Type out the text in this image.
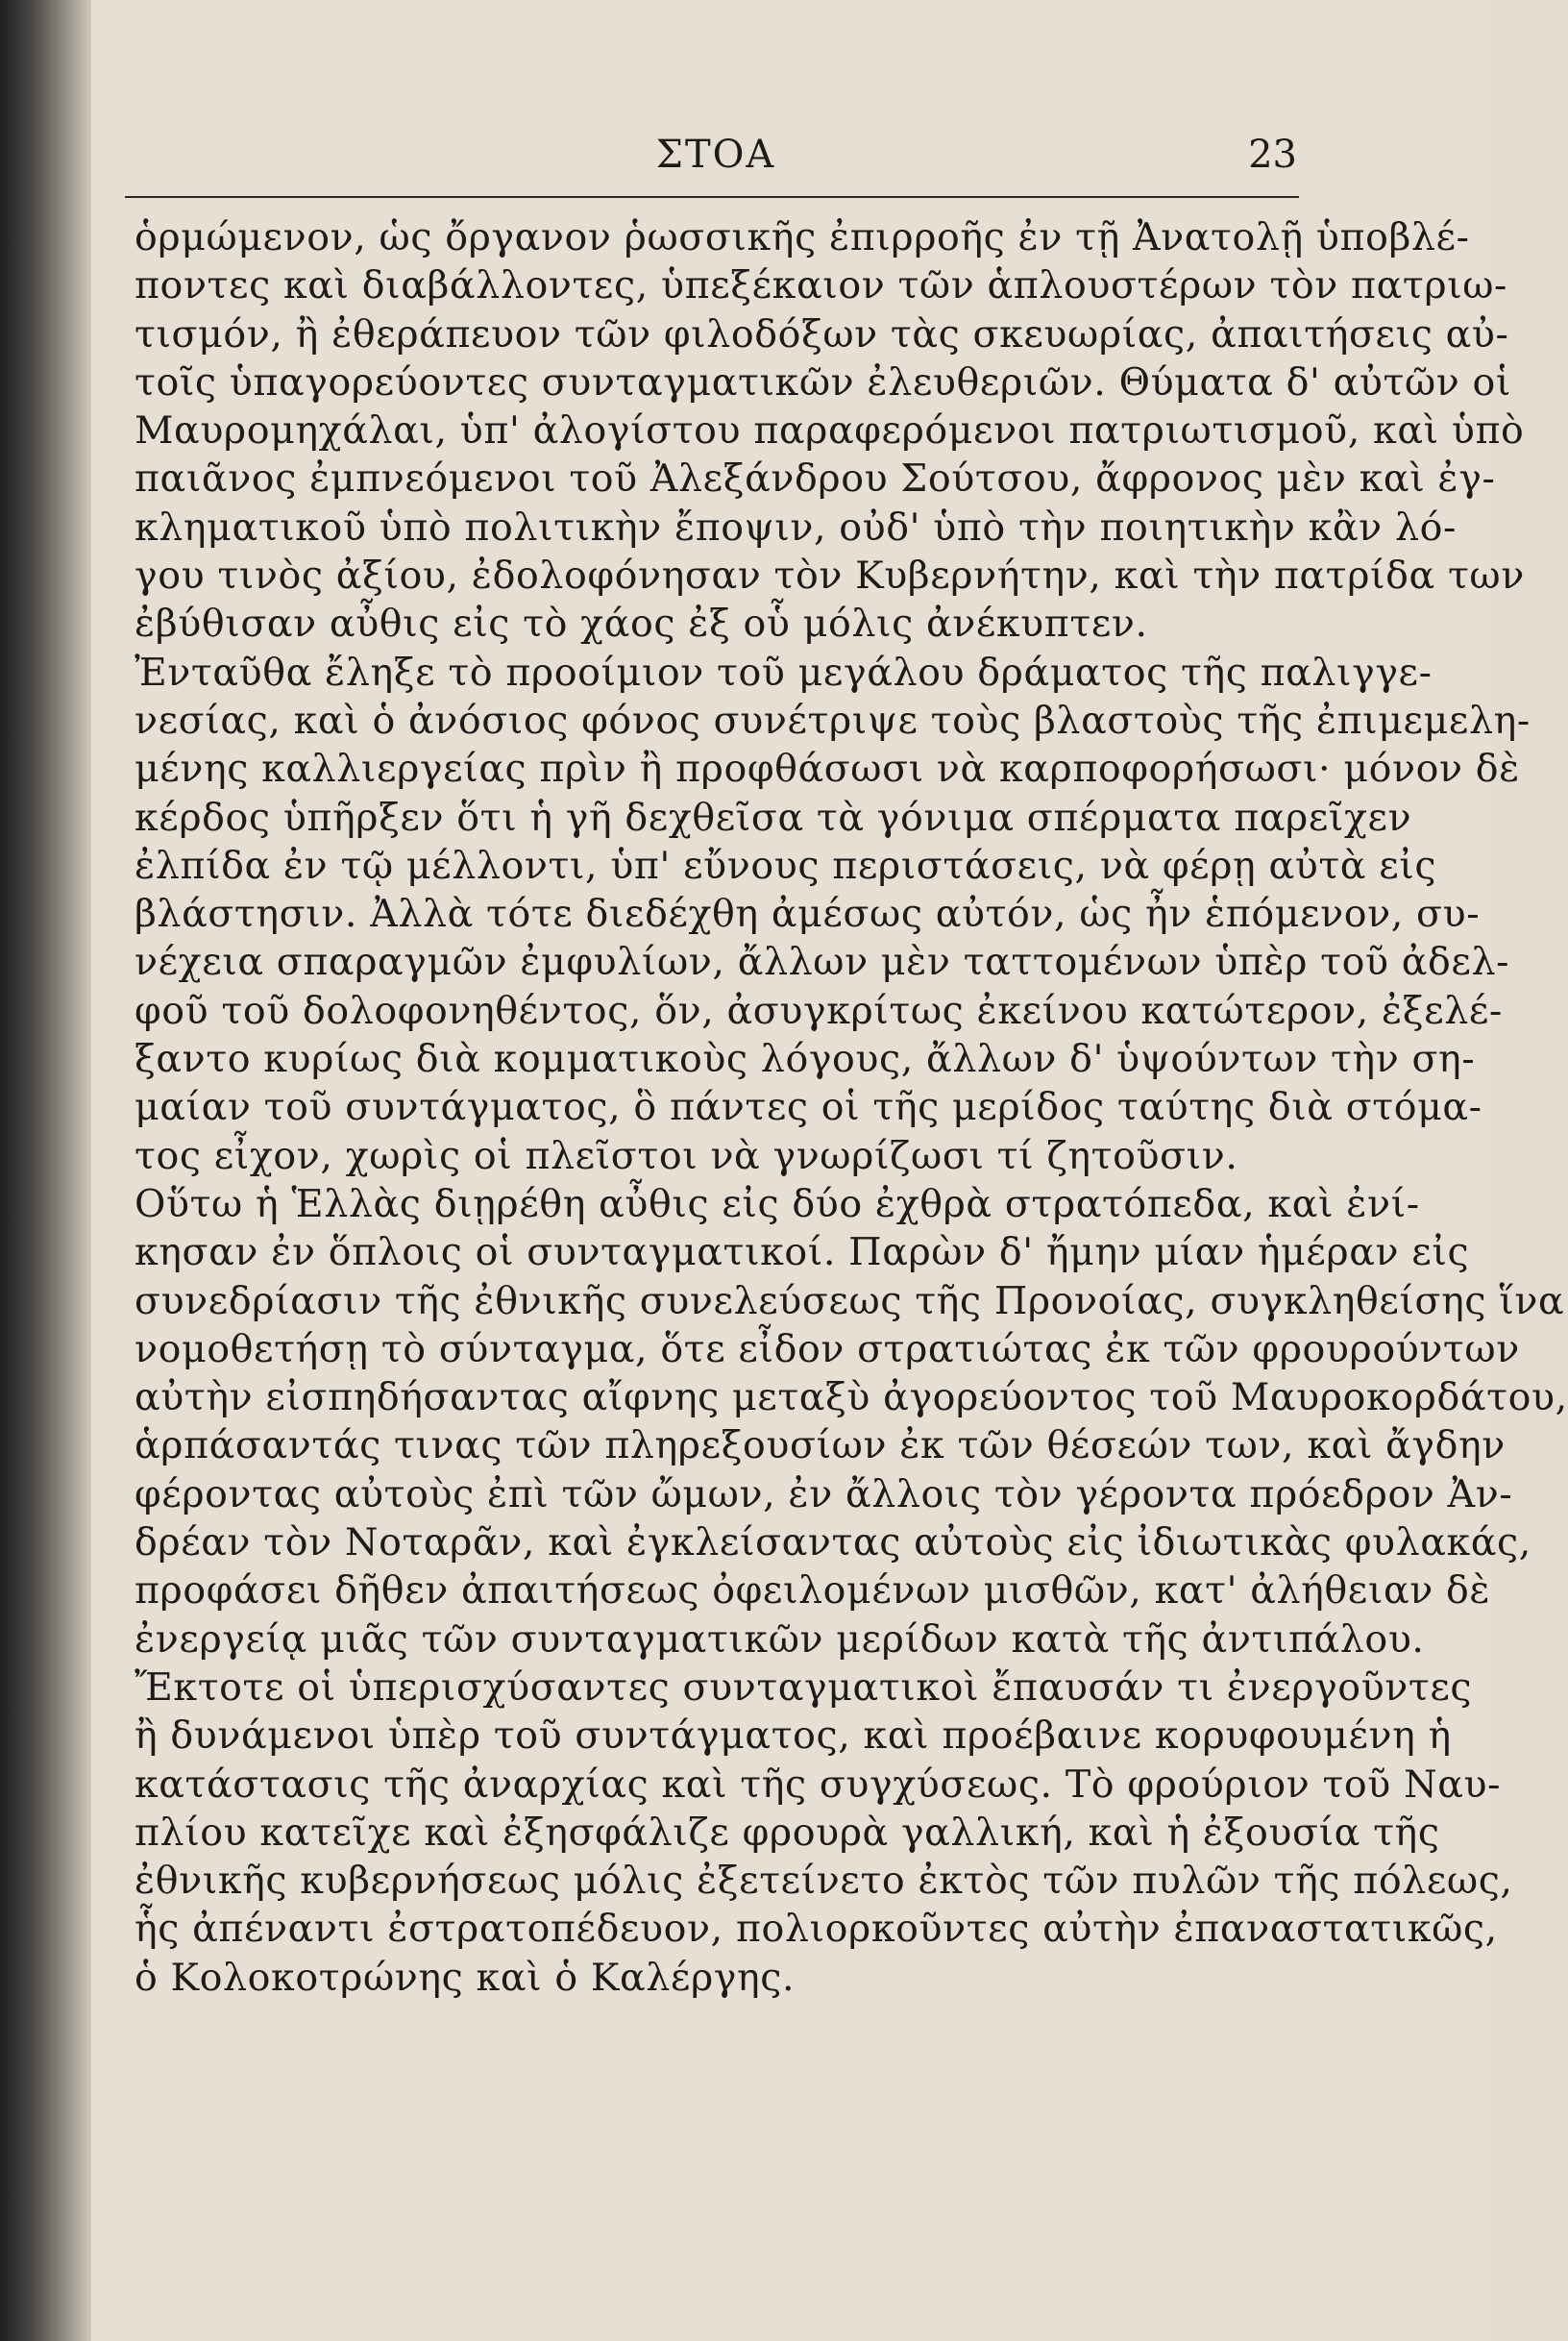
ΣΤΟΑ	23
ὁρμώμενον, ὡς ὄργανον ῥωσσικῆς ἐπιρροῆς ἐν τῇ Ἀνατολῇ ὑποβλέ-
ποντες καὶ διαβάλλοντες, ὑπεξέκαιον τῶν ἁπλουστέρων τὸν πατριω-
τισμόν, ἢ ἐθεράπευον τῶν φιλοδόξων τὰς σκευωρίας, ἀπαιτήσεις αὐ-
τοῖς ὑπαγορεύοντες συνταγματικῶν ἐλευθεριῶν. Θύματα δ' αὐτῶν οἱ
Μαυρομηχάλαι, ὑπ' ἀλογίστου παραφερόμενοι πατριωτισμοῦ, καὶ ὑπὸ
παιᾶνος ἐμπνεόμενοι τοῦ Ἀλεξάνδρου Σούτσου, ἄφρονος μὲν καὶ ἐγ-
κληματικοῦ ὑπὸ πολιτικὴν ἔποψιν, οὐδ' ὑπὸ τὴν ποιητικὴν κἂν λό-
γου τινὸς ἀξίου, ἐδολοφόνησαν τὸν Κυβερνήτην, καὶ τὴν πατρίδα των
ἐβύθισαν αὖθις εἰς τὸ χάος ἐξ οὗ μόλις ἀνέκυπτεν.
Ἐνταῦθα ἔληξε τὸ προοίμιον τοῦ μεγάλου δράματος τῆς παλιγγε-
νεσίας, καὶ ὁ ἀνόσιος φόνος συνέτριψε τοὺς βλαστοὺς τῆς ἐπιμεμελη-
μένης καλλιεργείας πρὶν ἢ προφθάσωσι νὰ καρποφορήσωσι· μόνον δὲ
κέρδος ὑπῆρξεν ὅτι ἡ γῆ δεχθεῖσα τὰ γόνιμα σπέρματα παρεῖχεν
ἐλπίδα ἐν τῷ μέλλοντι, ὑπ' εὔνους περιστάσεις, νὰ φέρῃ αὐτὰ εἰς
βλάστησιν. Ἀλλὰ τότε διεδέχθη ἀμέσως αὐτόν, ὡς ἦν ἑπόμενον, συ-
νέχεια σπαραγμῶν ἐμφυλίων, ἄλλων μὲν ταττομένων ὑπὲρ τοῦ ἀδελ-
φοῦ τοῦ δολοφονηθέντος, ὅν, ἀσυγκρίτως ἐκείνου κατώτερον, ἐξελέ-
ξαντο κυρίως διὰ κομματικοὺς λόγους, ἄλλων δ' ὑψούντων τὴν ση-
μαίαν τοῦ συντάγματος, ὃ πάντες οἱ τῆς μερίδος ταύτης διὰ στόμα-
τος εἶχον, χωρὶς οἱ πλεῖστοι νὰ γνωρίζωσι τί ζητοῦσιν.
Οὕτω ἡ Ἑλλὰς διῃρέθη αὖθις εἰς δύο ἐχθρὰ στρατόπεδα, καὶ ἐνί-
κησαν ἐν ὅπλοις οἱ συνταγματικοί. Παρὼν δ' ἤμην μίαν ἡμέραν εἰς
συνεδρίασιν τῆς ἐθνικῆς συνελεύσεως τῆς Προνοίας, συγκληθείσης ἵνα
νομοθετήσῃ τὸ σύνταγμα, ὅτε εἶδον στρατιώτας ἐκ τῶν φρουρούντων
αὐτὴν εἰσπηδήσαντας αἴφνης μεταξὺ ἀγορεύοντος τοῦ Μαυροκορδάτου,
ἁρπάσαντάς τινας τῶν πληρεξουσίων ἐκ τῶν θέσεών των, καὶ ἄγδην
φέροντας αὐτοὺς ἐπὶ τῶν ὤμων, ἐν ἄλλοις τὸν γέροντα πρόεδρον Ἀν-
δρέαν τὸν Νοταρᾶν, καὶ ἐγκλείσαντας αὐτοὺς εἰς ἰδιωτικὰς φυλακάς,
προφάσει δῆθεν ἀπαιτήσεως ὀφειλομένων μισθῶν, κατ' ἀλήθειαν δὲ
ἐνεργείᾳ μιᾶς τῶν συνταγματικῶν μερίδων κατὰ τῆς ἀντιπάλου.
Ἔκτοτε οἱ ὑπερισχύσαντες συνταγματικοὶ ἔπαυσάν τι ἐνεργοῦντες
ἢ δυνάμενοι ὑπὲρ τοῦ συντάγματος, καὶ προέβαινε κορυφουμένη ἡ
κατάστασις τῆς ἀναρχίας καὶ τῆς συγχύσεως. Τὸ φρούριον τοῦ Ναυ-
πλίου κατεῖχε καὶ ἐξησφάλιζε φρουρὰ γαλλική, καὶ ἡ ἐξουσία τῆς
ἐθνικῆς κυβερνήσεως μόλις ἐξετείνετο ἐκτὸς τῶν πυλῶν τῆς πόλεως,
ἧς ἀπέναντι ἐστρατοπέδευον, πολιορκοῦντες αὐτὴν ἐπαναστατικῶς,
ὁ Κολοκοτρώνης καὶ ὁ Καλέργης.
